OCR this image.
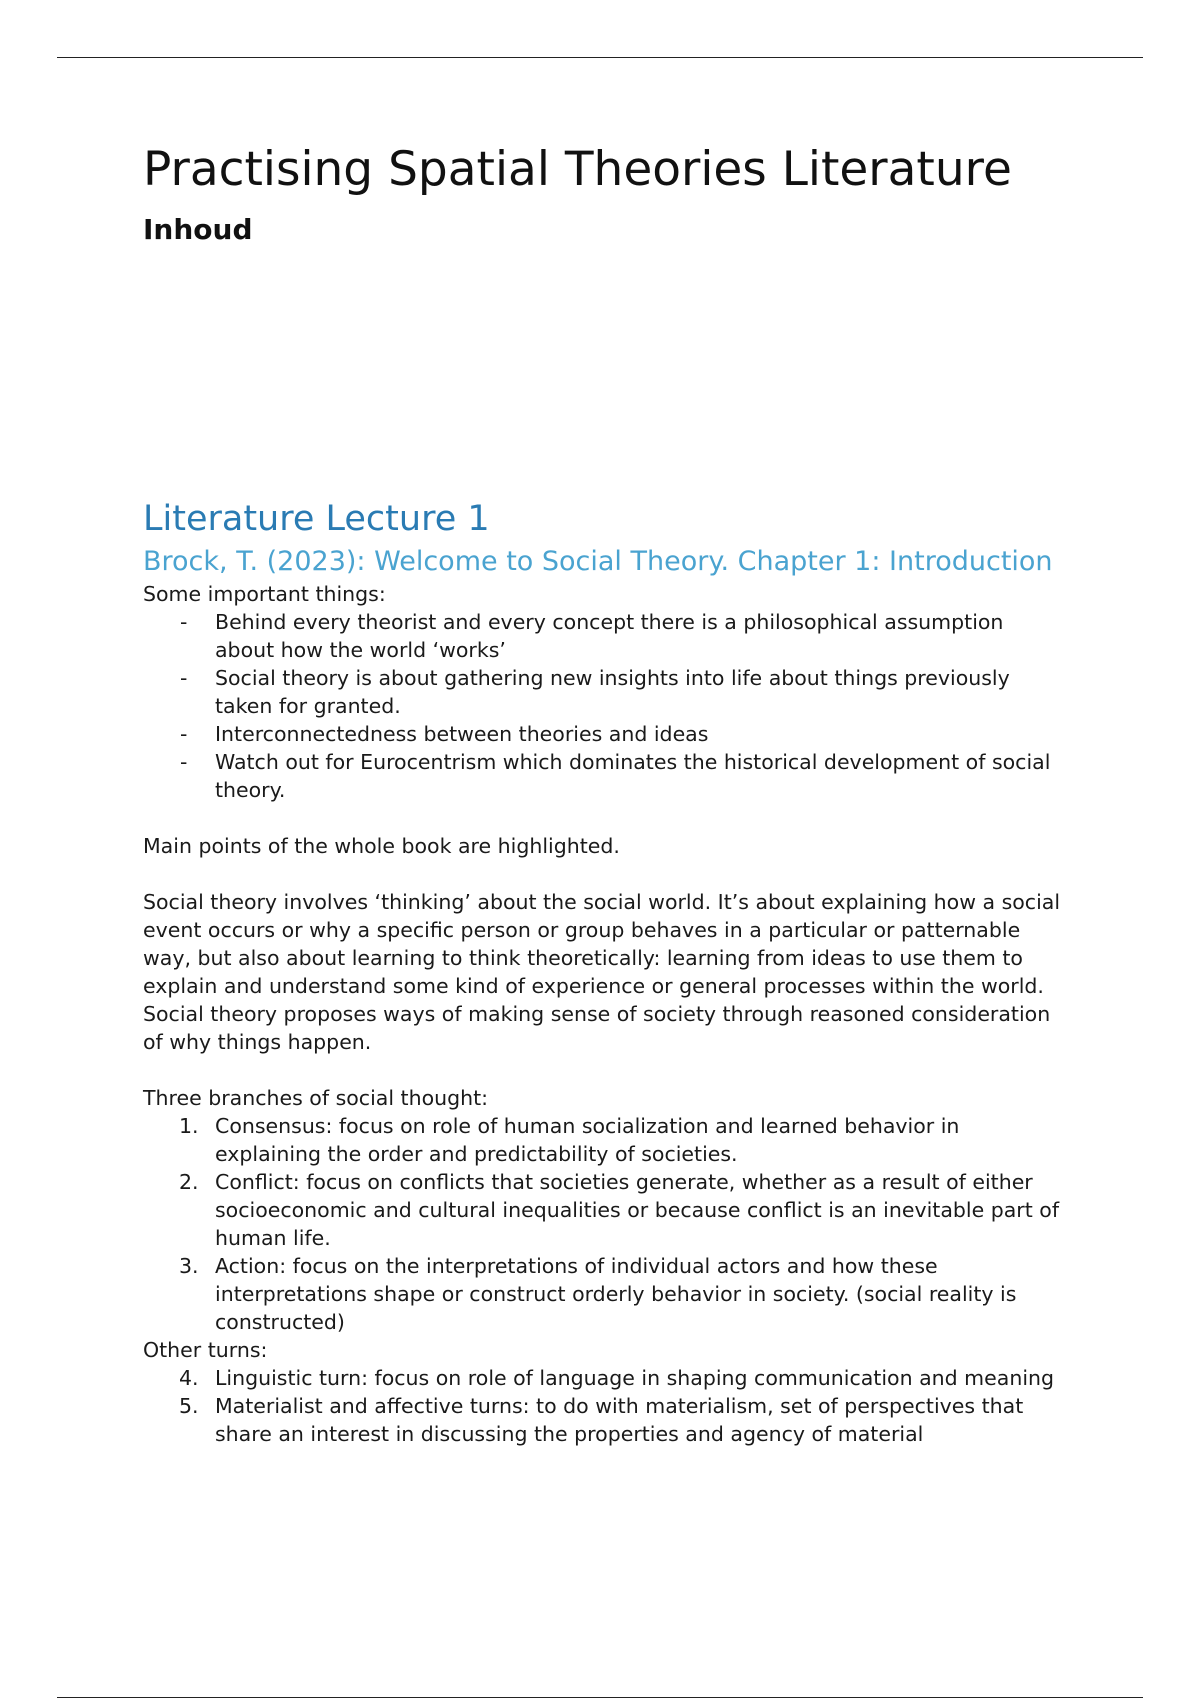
Practising Spatial Theories Literature
Inhoud
Literature Lecture 1
Brock, T. (2023): Welcome to Social Theory. Chapter 1: Introduction

Some important things:

- Behind every theorist and every concept there is a philosophical assumption about how the world ‘works’
- Social theory is about gathering new insights into life about things previously taken for granted.
- Interconnectedness between theories and ideas
- Watch out for Eurocentrism which dominates the historical development of social theory.

Main points of the whole book are highlighted.

Social theory involves ‘thinking’ about the social world. It’s about explaining how a social event occurs or why a specific person or group behaves in a particular or patternable way, but also about learning to think theoretically: learning from ideas to use them to explain and understand some kind of experience or general processes within the world. Social theory proposes ways of making sense of society through reasoned consideration of why things happen.

Three branches of social thought:

1. Consensus: focus on role of human socialization and learned behavior in explaining the order and predictability of societies.
2. Conflict: focus on conflicts that societies generate, whether as a result of either socioeconomic and cultural inequalities or because conflict is an inevitable part of human life.
3. Action: focus on the interpretations of individual actors and how these interpretations shape or construct orderly behavior in society. (social reality is constructed)

Other turns:

4. Linguistic turn: focus on role of language in shaping communication and meaning
5. Materialist and affective turns: to do with materialism, set of perspectives that share an interest in discussing the properties and agency of material
